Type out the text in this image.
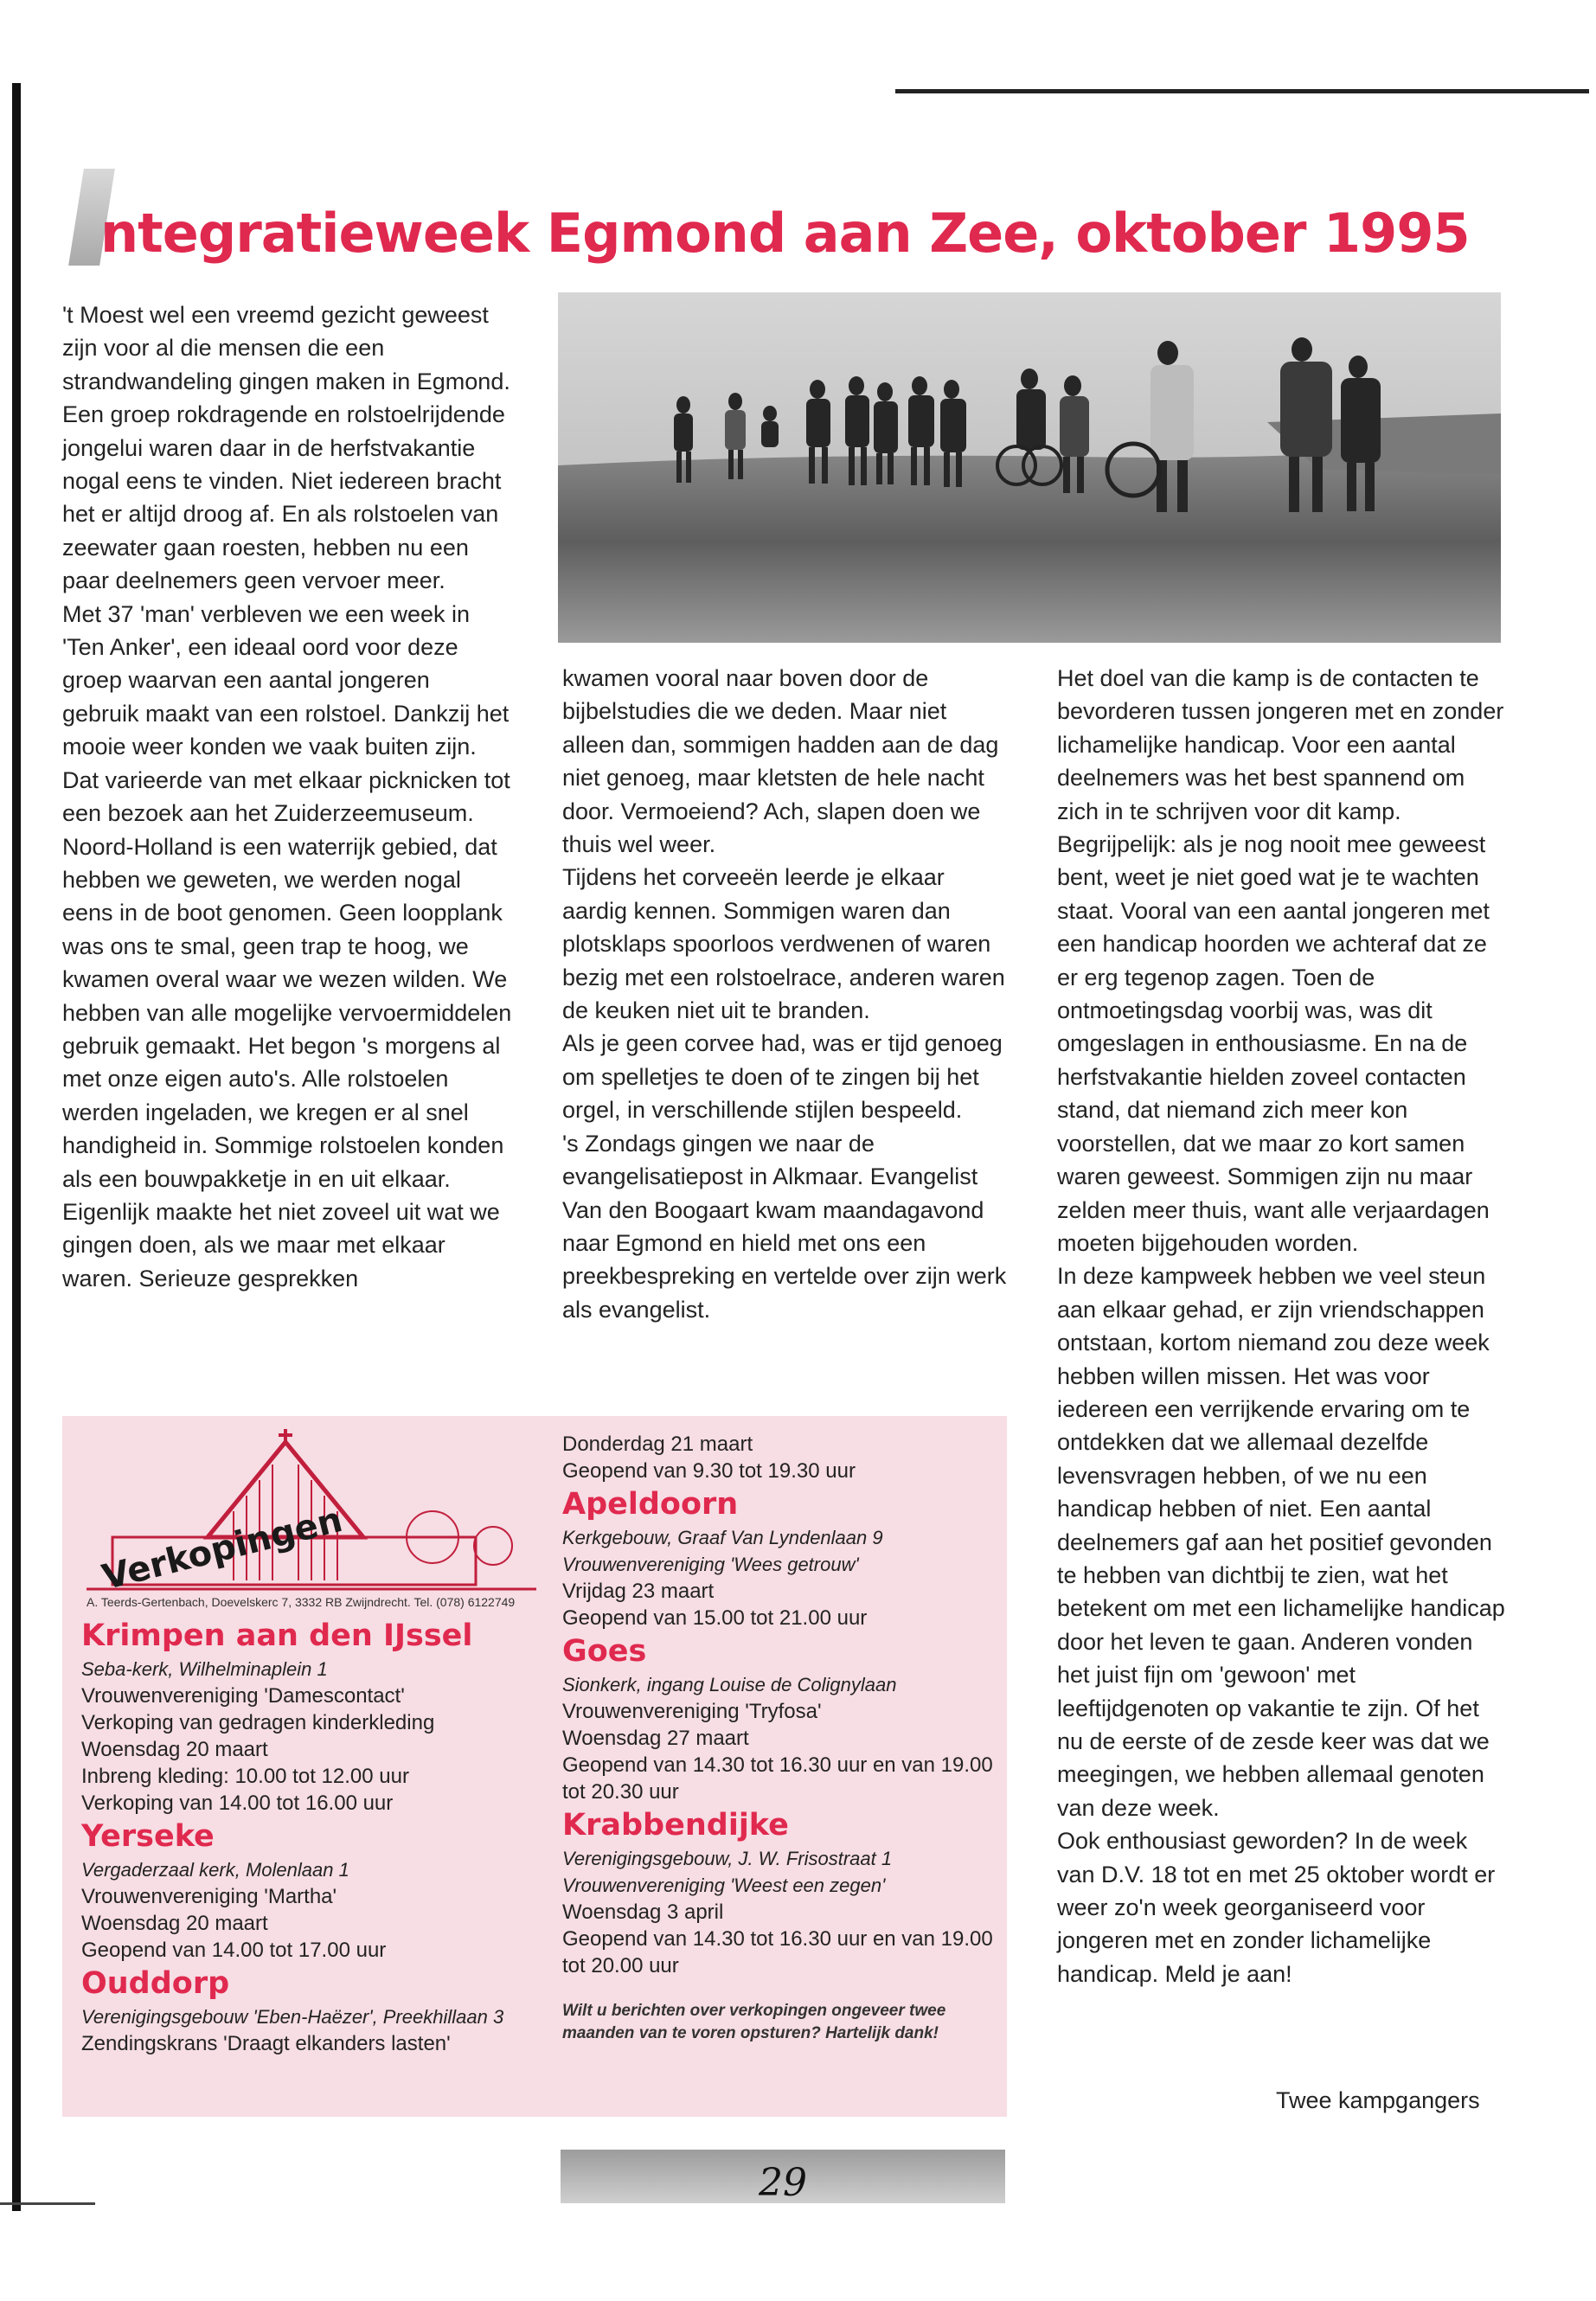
ntegratieweek Egmond aan Zee, oktober 1995

't Moest wel een vreemd gezicht geweest zijn voor al die mensen die een strandwandeling gingen maken in Egmond. Een groep rokdragende en rolstoelrijdende jongelui waren daar in de herfstvakantie nogal eens te vinden. Niet iedereen bracht het er altijd droog af. En als rolstoelen van zeewater gaan roesten, hebben nu een paar deelnemers geen vervoer meer.

Met 37 'man' verbleven we een week in 'Ten Anker', een ideaal oord voor deze groep waarvan een aantal jongeren gebruik maakt van een rolstoel. Dankzij het mooie weer konden we vaak buiten zijn. Dat varieerde van met elkaar picknicken tot een bezoek aan het Zuiderzeemuseum.

Noord-Holland is een waterrijk gebied, dat hebben we geweten, we werden nogal eens in de boot genomen. Geen loopplank was ons te smal, geen trap te hoog, we kwamen overal waar we wezen wilden. We hebben van alle mogelijke vervoermiddelen gebruik gemaakt. Het begon 's morgens al met onze eigen auto's. Alle rolstoelen werden ingeladen, we kregen er al snel handigheid in. Sommige rolstoelen konden als een bouwpakketje in en uit elkaar. Eigenlijk maakte het niet zoveel uit wat we gingen doen, als we maar met elkaar waren. Serieuze gesprekken

kwamen vooral naar boven door de bijbelstudies die we deden. Maar niet alleen dan, sommigen hadden aan de dag niet genoeg, maar kletsten de hele nacht door. Vermoeiend? Ach, slapen doen we thuis wel weer.

Tijdens het corveeën leerde je elkaar aardig kennen. Sommigen waren dan plotsklaps spoorloos verdwenen of waren bezig met een rolstoelrace, anderen waren de keuken niet uit te branden.

Als je geen corvee had, was er tijd genoeg om spelletjes te doen of te zingen bij het orgel, in verschillende stijlen bespeeld.

's Zondags gingen we naar de evangelisatiepost in Alkmaar. Evangelist Van den Boogaart kwam maandagavond naar Egmond en hield met ons een preekbespreking en vertelde over zijn werk als evangelist.

Het doel van die kamp is de contacten te bevorderen tussen jongeren met en zonder lichamelijke handicap. Voor een aantal deelnemers was het best spannend om zich in te schrijven voor dit kamp. Begrijpelijk: als je nog nooit mee geweest bent, weet je niet goed wat je te wachten staat. Vooral van een aantal jongeren met een handicap hoorden we achteraf dat ze er erg tegenop zagen. Toen de ontmoetingsdag voorbij was, was dit omgeslagen in enthousiasme. En na de herfstvakantie hielden zoveel contacten stand, dat niemand zich meer kon voorstellen, dat we maar zo kort samen waren geweest. Sommigen zijn nu maar zelden meer thuis, want alle verjaardagen moeten bijgehouden worden.

In deze kampweek hebben we veel steun aan elkaar gehad, er zijn vriendschappen ontstaan, kortom niemand zou deze week hebben willen missen. Het was voor iedereen een verrijkende ervaring om te ontdekken dat we allemaal dezelfde levensvragen hebben, of we nu een handicap hebben of niet. Een aantal deelnemers gaf aan het positief gevonden te hebben van dichtbij te zien, wat het betekent om met een lichamelijke handicap door het leven te gaan. Anderen vonden het juist fijn om 'gewoon' met leeftijdgenoten op vakantie te zijn. Of het nu de eerste of de zesde keer was dat we meegingen, we hebben allemaal genoten van deze week.

Ook enthousiast geworden? In de week van D.V. 18 tot en met 25 oktober wordt er weer zo'n week georganiseerd voor jongeren met en zonder lichamelijke handicap. Meld je aan!

Twee kampgangers
Verkopingen
A. Teerds-Gertenbach, Doevelskerc 7, 3332 RB Zwijndrecht. Tel. (078) 6122749
Krimpen aan den IJssel

Seba-kerk, Wilhelminaplein 1

Vrouwenvereniging 'Damescontact'

Verkoping van gedragen kinderkleding

Woensdag 20 maart

Inbreng kleding: 10.00 tot 12.00 uur

Verkoping van 14.00 tot 16.00 uur

Yerseke

Vergaderzaal kerk, Molenlaan 1

Vrouwenvereniging 'Martha'

Woensdag 20 maart

Geopend van 14.00 tot 17.00 uur

Ouddorp

Verenigingsgebouw 'Eben-Haëzer', Preekhillaan 3

Zendingskrans 'Draagt elkanders lasten'

Donderdag 21 maart

Geopend van 9.30 tot 19.30 uur

Apeldoorn

Kerkgebouw, Graaf Van Lyndenlaan 9

Vrouwenvereniging 'Wees getrouw'

Vrijdag 23 maart

Geopend van 15.00 tot 21.00 uur

Goes

Sionkerk, ingang Louise de Colignylaan

Vrouwenvereniging 'Tryfosa'

Woensdag 27 maart

Geopend van 14.30 tot 16.30 uur en van 19.00 tot 20.30 uur

Krabbendijke

Verenigingsgebouw, J. W. Frisostraat 1

Vrouwenvereniging 'Weest een zegen'

Woensdag 3 april

Geopend van 14.30 tot 16.30 uur en van 19.00 tot 20.00 uur

Wilt u berichten over verkopingen ongeveer twee maanden van te voren opsturen? Hartelijk dank!

29
